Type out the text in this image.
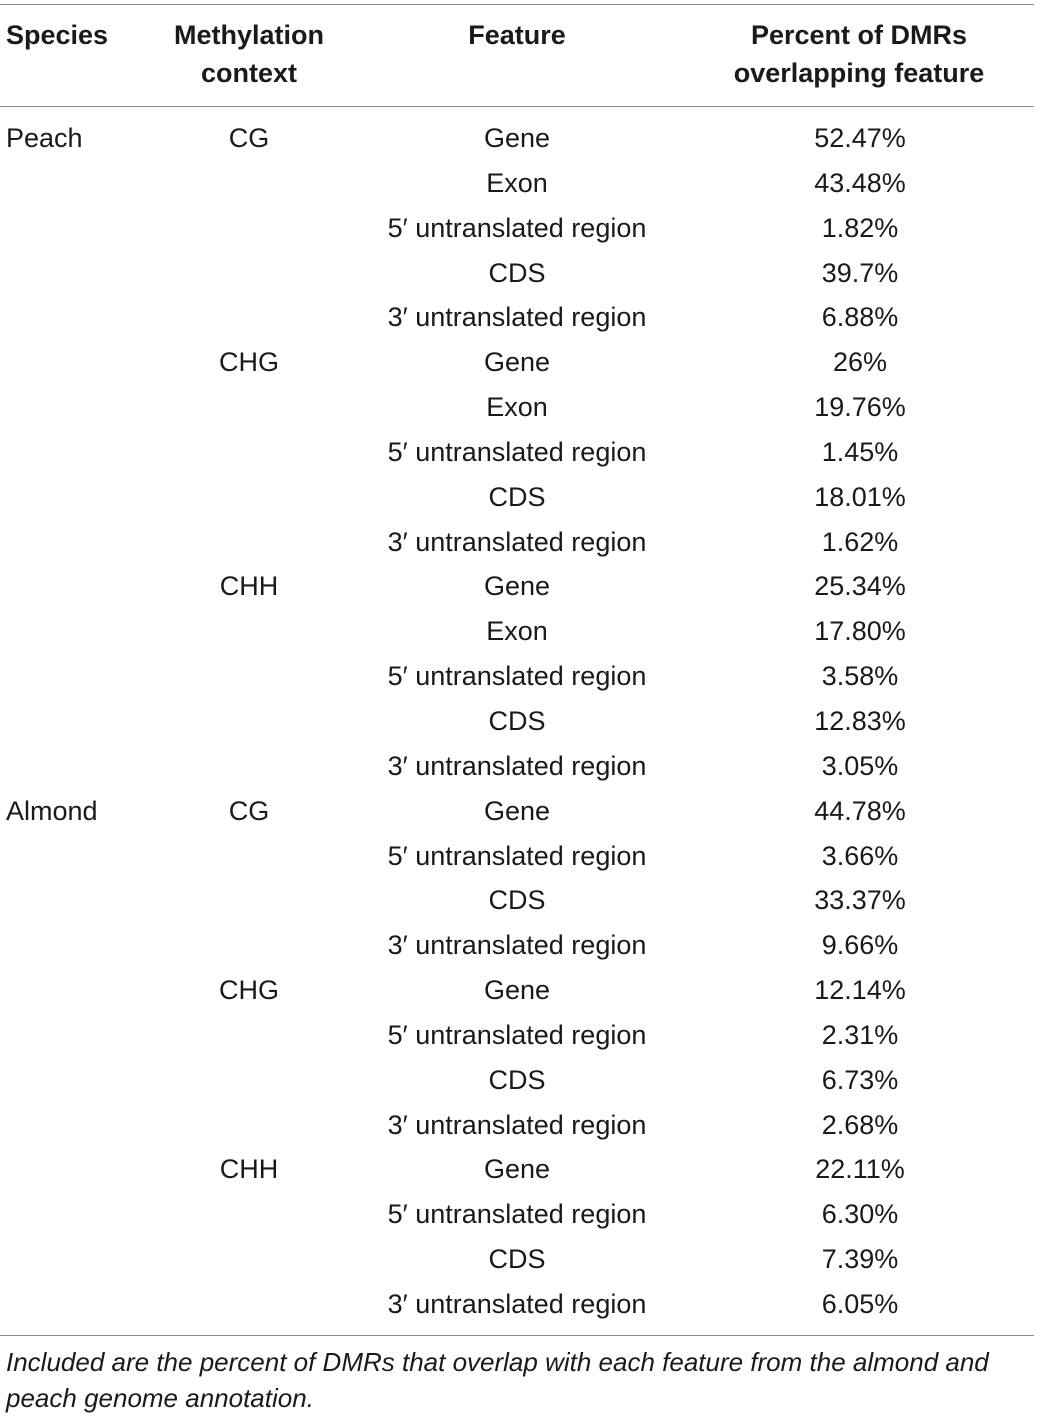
Species	Methylation
context
Feature	Percent of DMRs
overlapping feature
Peach	CG	Gene	52.47%
Exon	43.48%
5′ untranslated region	1.82%
CDS	39.7%
3′ untranslated region	6.88%
CHG	Gene	26%
Exon	19.76%
5′ untranslated region	1.45%
CDS	18.01%
3′ untranslated region	1.62%
CHH	Gene	25.34%
Exon	17.80%
5′ untranslated region	3.58%
CDS	12.83%
3′ untranslated region	3.05%
Almond	CG	Gene	44.78%
5′ untranslated region	3.66%
CDS	33.37%
3′ untranslated region	9.66%
CHG	Gene	12.14%
5′ untranslated region	2.31%
CDS	6.73%
3′ untranslated region	2.68%
CHH	Gene	22.11%
5′ untranslated region	6.30%
CDS	7.39%
3′ untranslated region	6.05%
Included are the percent of DMRs that overlap with each feature from the almond and peach genome annotation.
